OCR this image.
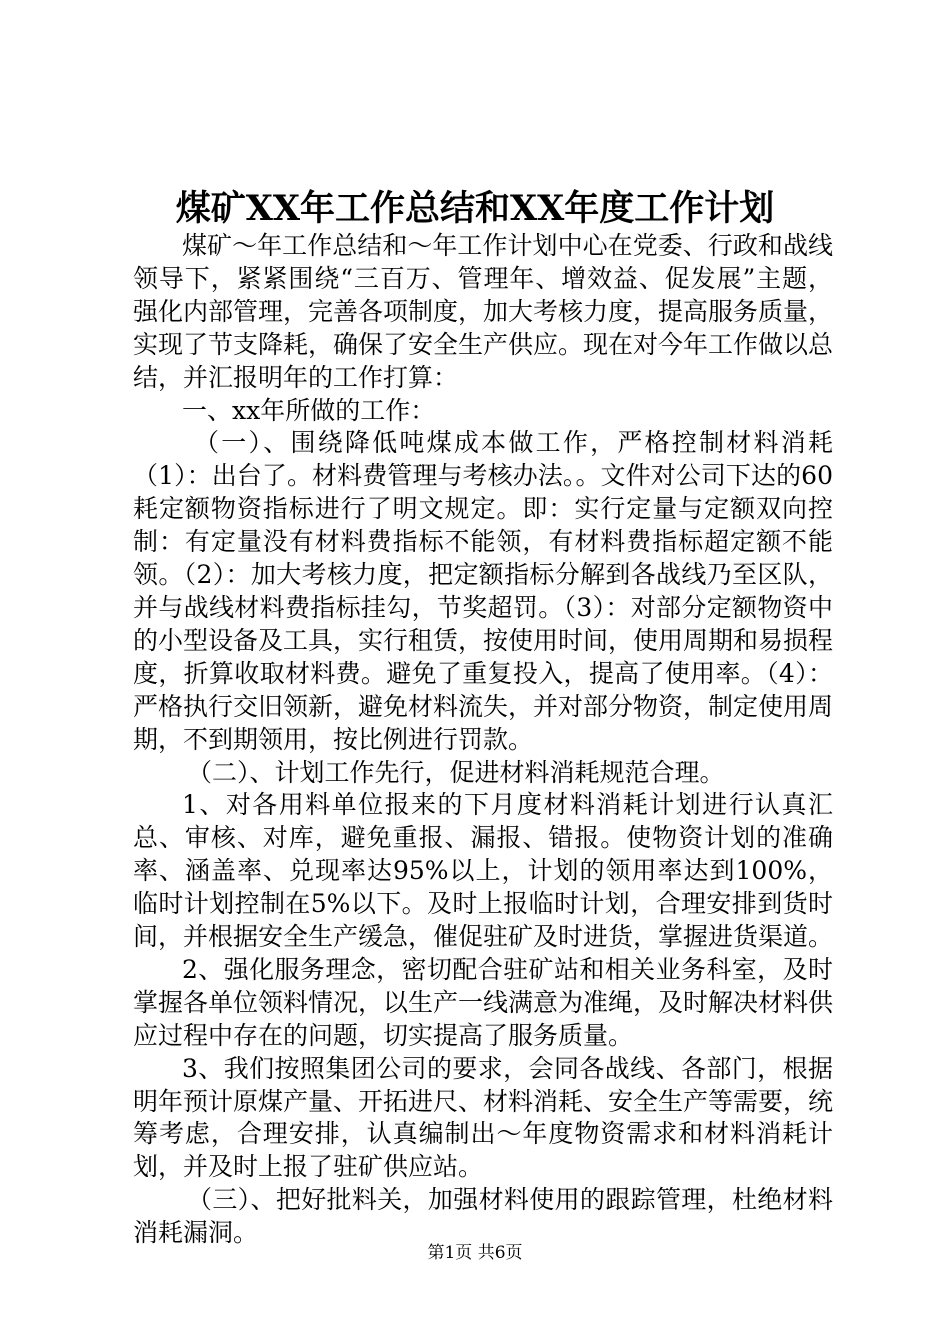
煤矿XX年工作总结和XX年度工作计划

煤矿～年工作总结和～年工作计划中心在党委、行政和战线领导下，紧紧围绕“三百万、管理年、增效益、促发展”主题，强化内部管理，完善各项制度，加大考核力度，提高服务质量，实现了节支降耗，确保了安全生产供应。现在对今年工作做以总结，并汇报明年的工作打算：

一、xx年所做的工作：

（一）、围绕降低吨煤成本做工作，严格控制材料消耗（1）：出台了。材料费管理与考核办法。。文件对公司下达的60耗定额物资指标进行了明文规定。即：实行定量与定额双向控制：有定量没有材料费指标不能领，有材料费指标超定额不能领。（2）：加大考核力度，把定额指标分解到各战线乃至区队，并与战线材料费指标挂勾，节奖超罚。（3）：对部分定额物资中的小型设备及工具，实行租赁，按使用时间，使用周期和易损程度，折算收取材料费。避免了重复投入，提高了使用率。（4）：严格执行交旧领新，避免材料流失，并对部分物资，制定使用周期，不到期领用，按比例进行罚款。

（二）、计划工作先行，促进材料消耗规范合理。

1、对各用料单位报来的下月度材料消耗计划进行认真汇总、审核、对库，避免重报、漏报、错报。使物资计划的准确率、涵盖率、兑现率达95%以上，计划的领用率达到100%，临时计划控制在5%以下。及时上报临时计划，合理安排到货时间，并根据安全生产缓急，催促驻矿及时进货，掌握进货渠道。

2、强化服务理念，密切配合驻矿站和相关业务科室，及时掌握各单位领料情况，以生产一线满意为准绳，及时解决材料供应过程中存在的问题，切实提高了服务质量。

3、我们按照集团公司的要求，会同各战线、各部门，根据明年预计原煤产量、开拓进尺、材料消耗、安全生产等需要，统筹考虑，合理安排，认真编制出～年度物资需求和材料消耗计划，并及时上报了驻矿供应站。

（三）、把好批料关，加强材料使用的跟踪管理，杜绝材料消耗漏洞。

第1页 共6页
